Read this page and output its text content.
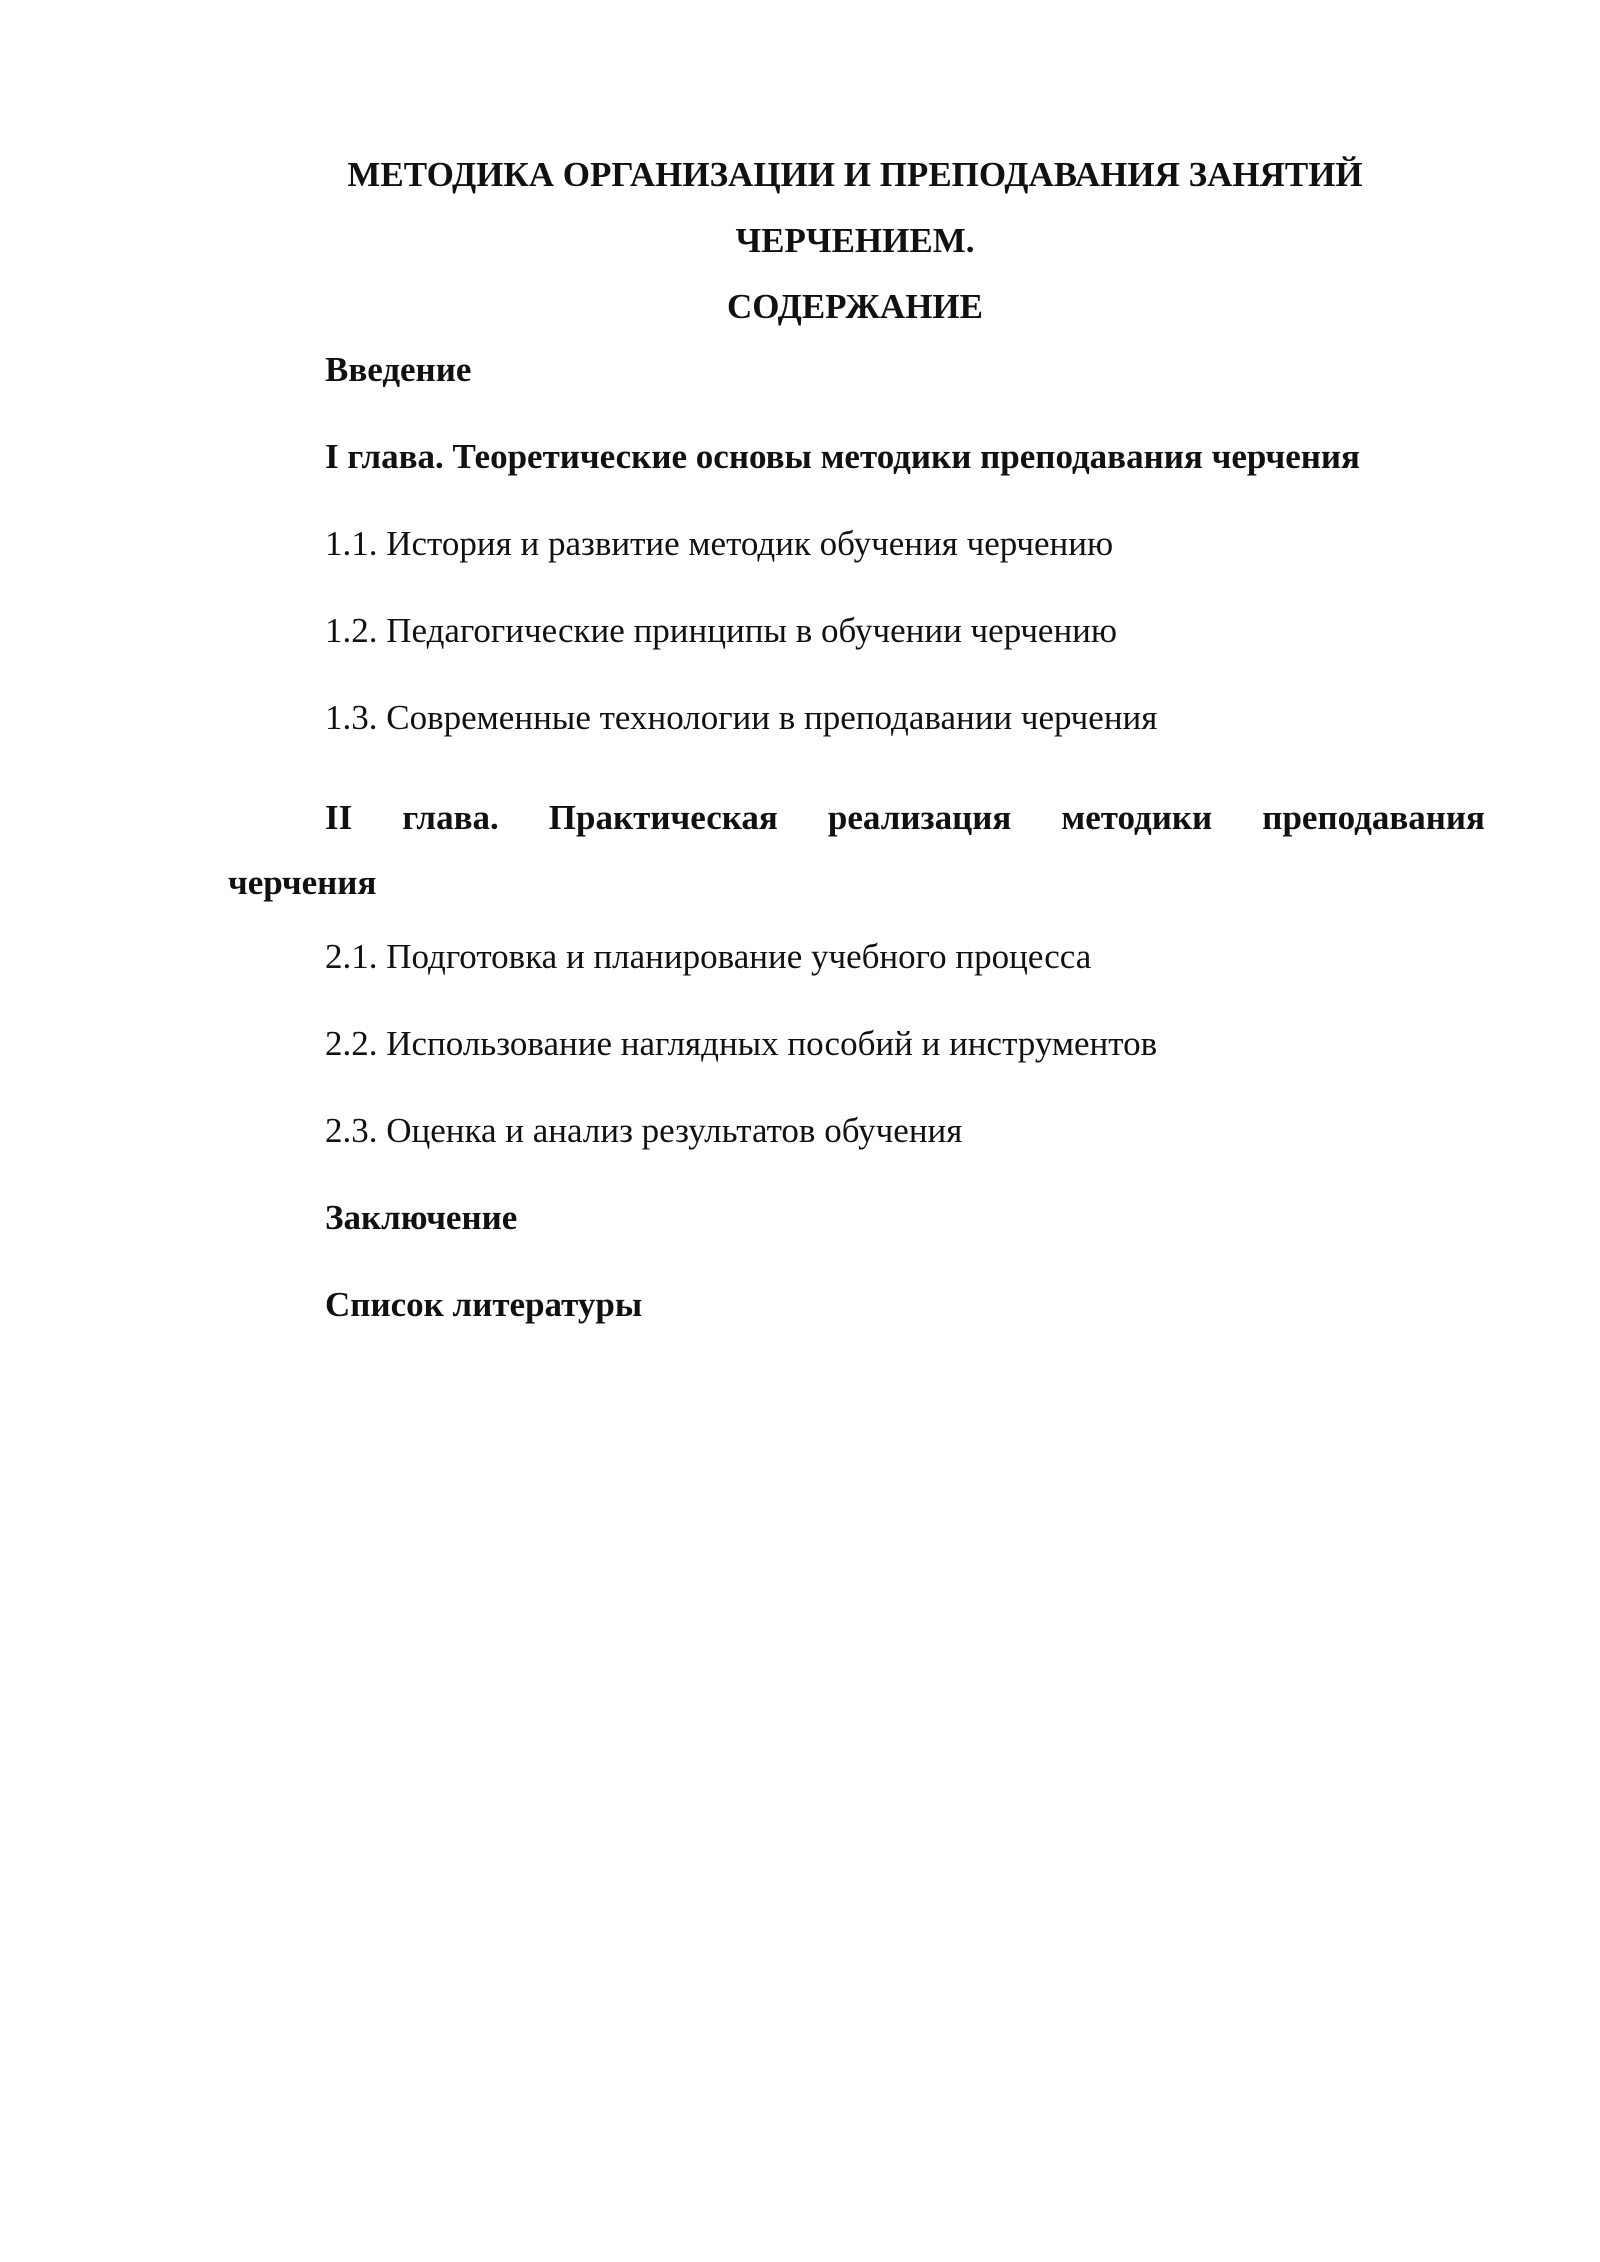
МЕТОДИКА ОРГАНИЗАЦИИ И ПРЕПОДАВАНИЯ ЗАНЯТИЙ

ЧЕРЧЕНИЕМ.

СОДЕРЖАНИЕ

Введение

I глава. Теоретические основы методики преподавания черчения

1.1. История и развитие методик обучения черчению

1.2. Педагогические принципы в обучении черчению

1.3. Современные технологии в преподавании черчения

II глава. Практическая реализация методики преподавания
черчения

2.1. Подготовка и планирование учебного процесса

2.2. Использование наглядных пособий и инструментов

2.3. Оценка и анализ результатов обучения

Заключение

Список литературы
